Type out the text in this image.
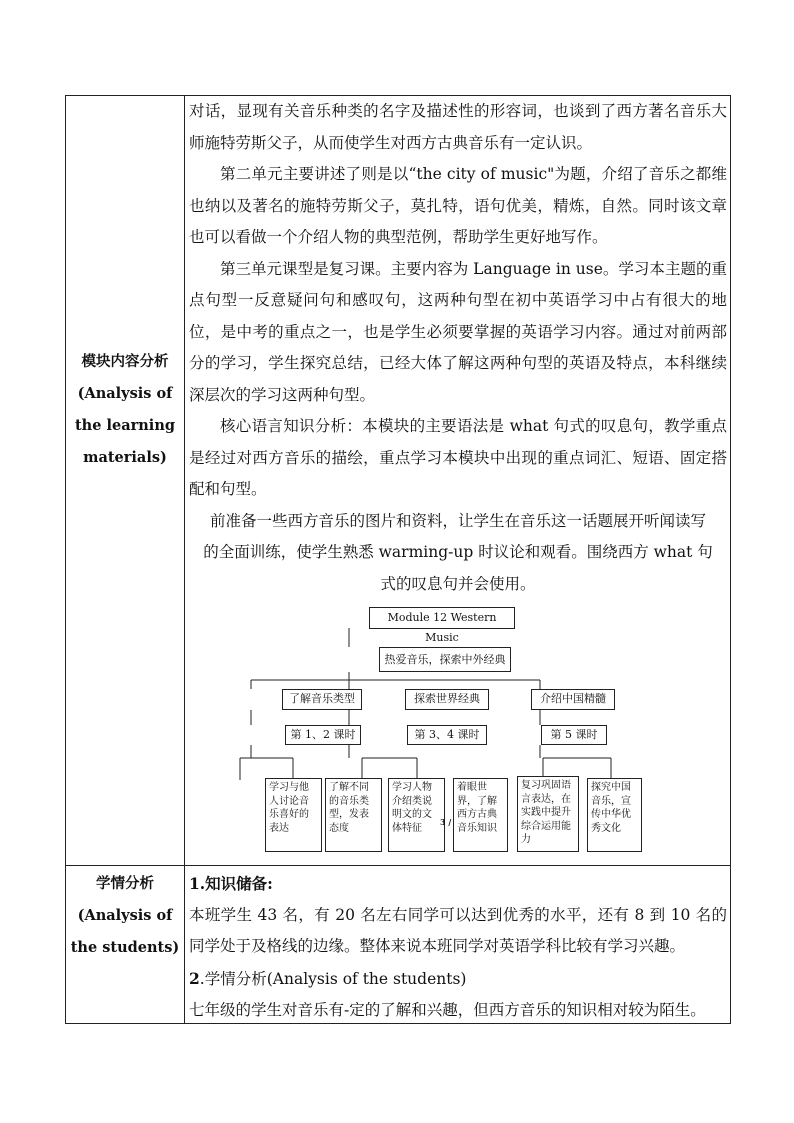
模块内容分析
(Analysis of
the learning
materials)

对话，显现有关音乐种类的名字及描述性的形容词，也谈到了西方著名音乐大师施特劳斯父子，从而使学生对西方古典音乐有一定认识。

第二单元主要讲述了则是以“the city of music"为题，介绍了音乐之都维也纳以及著名的施特劳斯父子，莫扎特，语句优美，精炼，自然。同时该文章也可以看做一个介绍人物的典型范例，帮助学生更好地写作。

第三单元课型是复习课。主要内容为 Language in use。学习本主题的重点句型一反意疑问句和感叹句，这两种句型在初中英语学习中占有很大的地位，是中考的重点之一，也是学生必须要掌握的英语学习内容。通过对前两部分的学习，学生探究总结，已经大体了解这两种句型的英语及特点，本科继续深层次的学习这两种句型。

核心语言知识分析：本模块的主要语法是 what 句式的叹息句，教学重点是经过对西方音乐的描绘，重点学习本模块中出现的重点词汇、短语、固定搭配和句型。

前准备一些西方音乐的图片和资料，让学生在音乐这一话题展开听闻读写的全面训练，使学生熟悉 warming-up 时议论和观看。围绕西方 what 句式的叹息句并会使用。

学情分析
(Analysis of
the students)

1.知识储备:

本班学生 43 名，有 20 名左右同学可以达到优秀的水平，还有 8 到 10 名的同学处于及格线的边缘。整体来说本班同学对英语学科比较有学习兴趣。

2.学情分析(Analysis of the students)

七年级的学生对音乐有-定的了解和兴趣，但西方音乐的知识相对较为陌生。

Module 12 Western Music
热爱音乐，探索中外经典
了解音乐类型	探索世界经典	介绍中国精髓
第 1、2 课时	第 3、4 课时	第 5 课时
学习与他人讨论音乐喜好的表达
了解不同的音乐类型，发表态度
学习人物介绍类说明文的文体特征
着眼世界，了解西方古典音乐知识
复习巩固语言表达，在实践中提升综合运用能力
探究中国音乐，宣传中华优秀文化
3 /
